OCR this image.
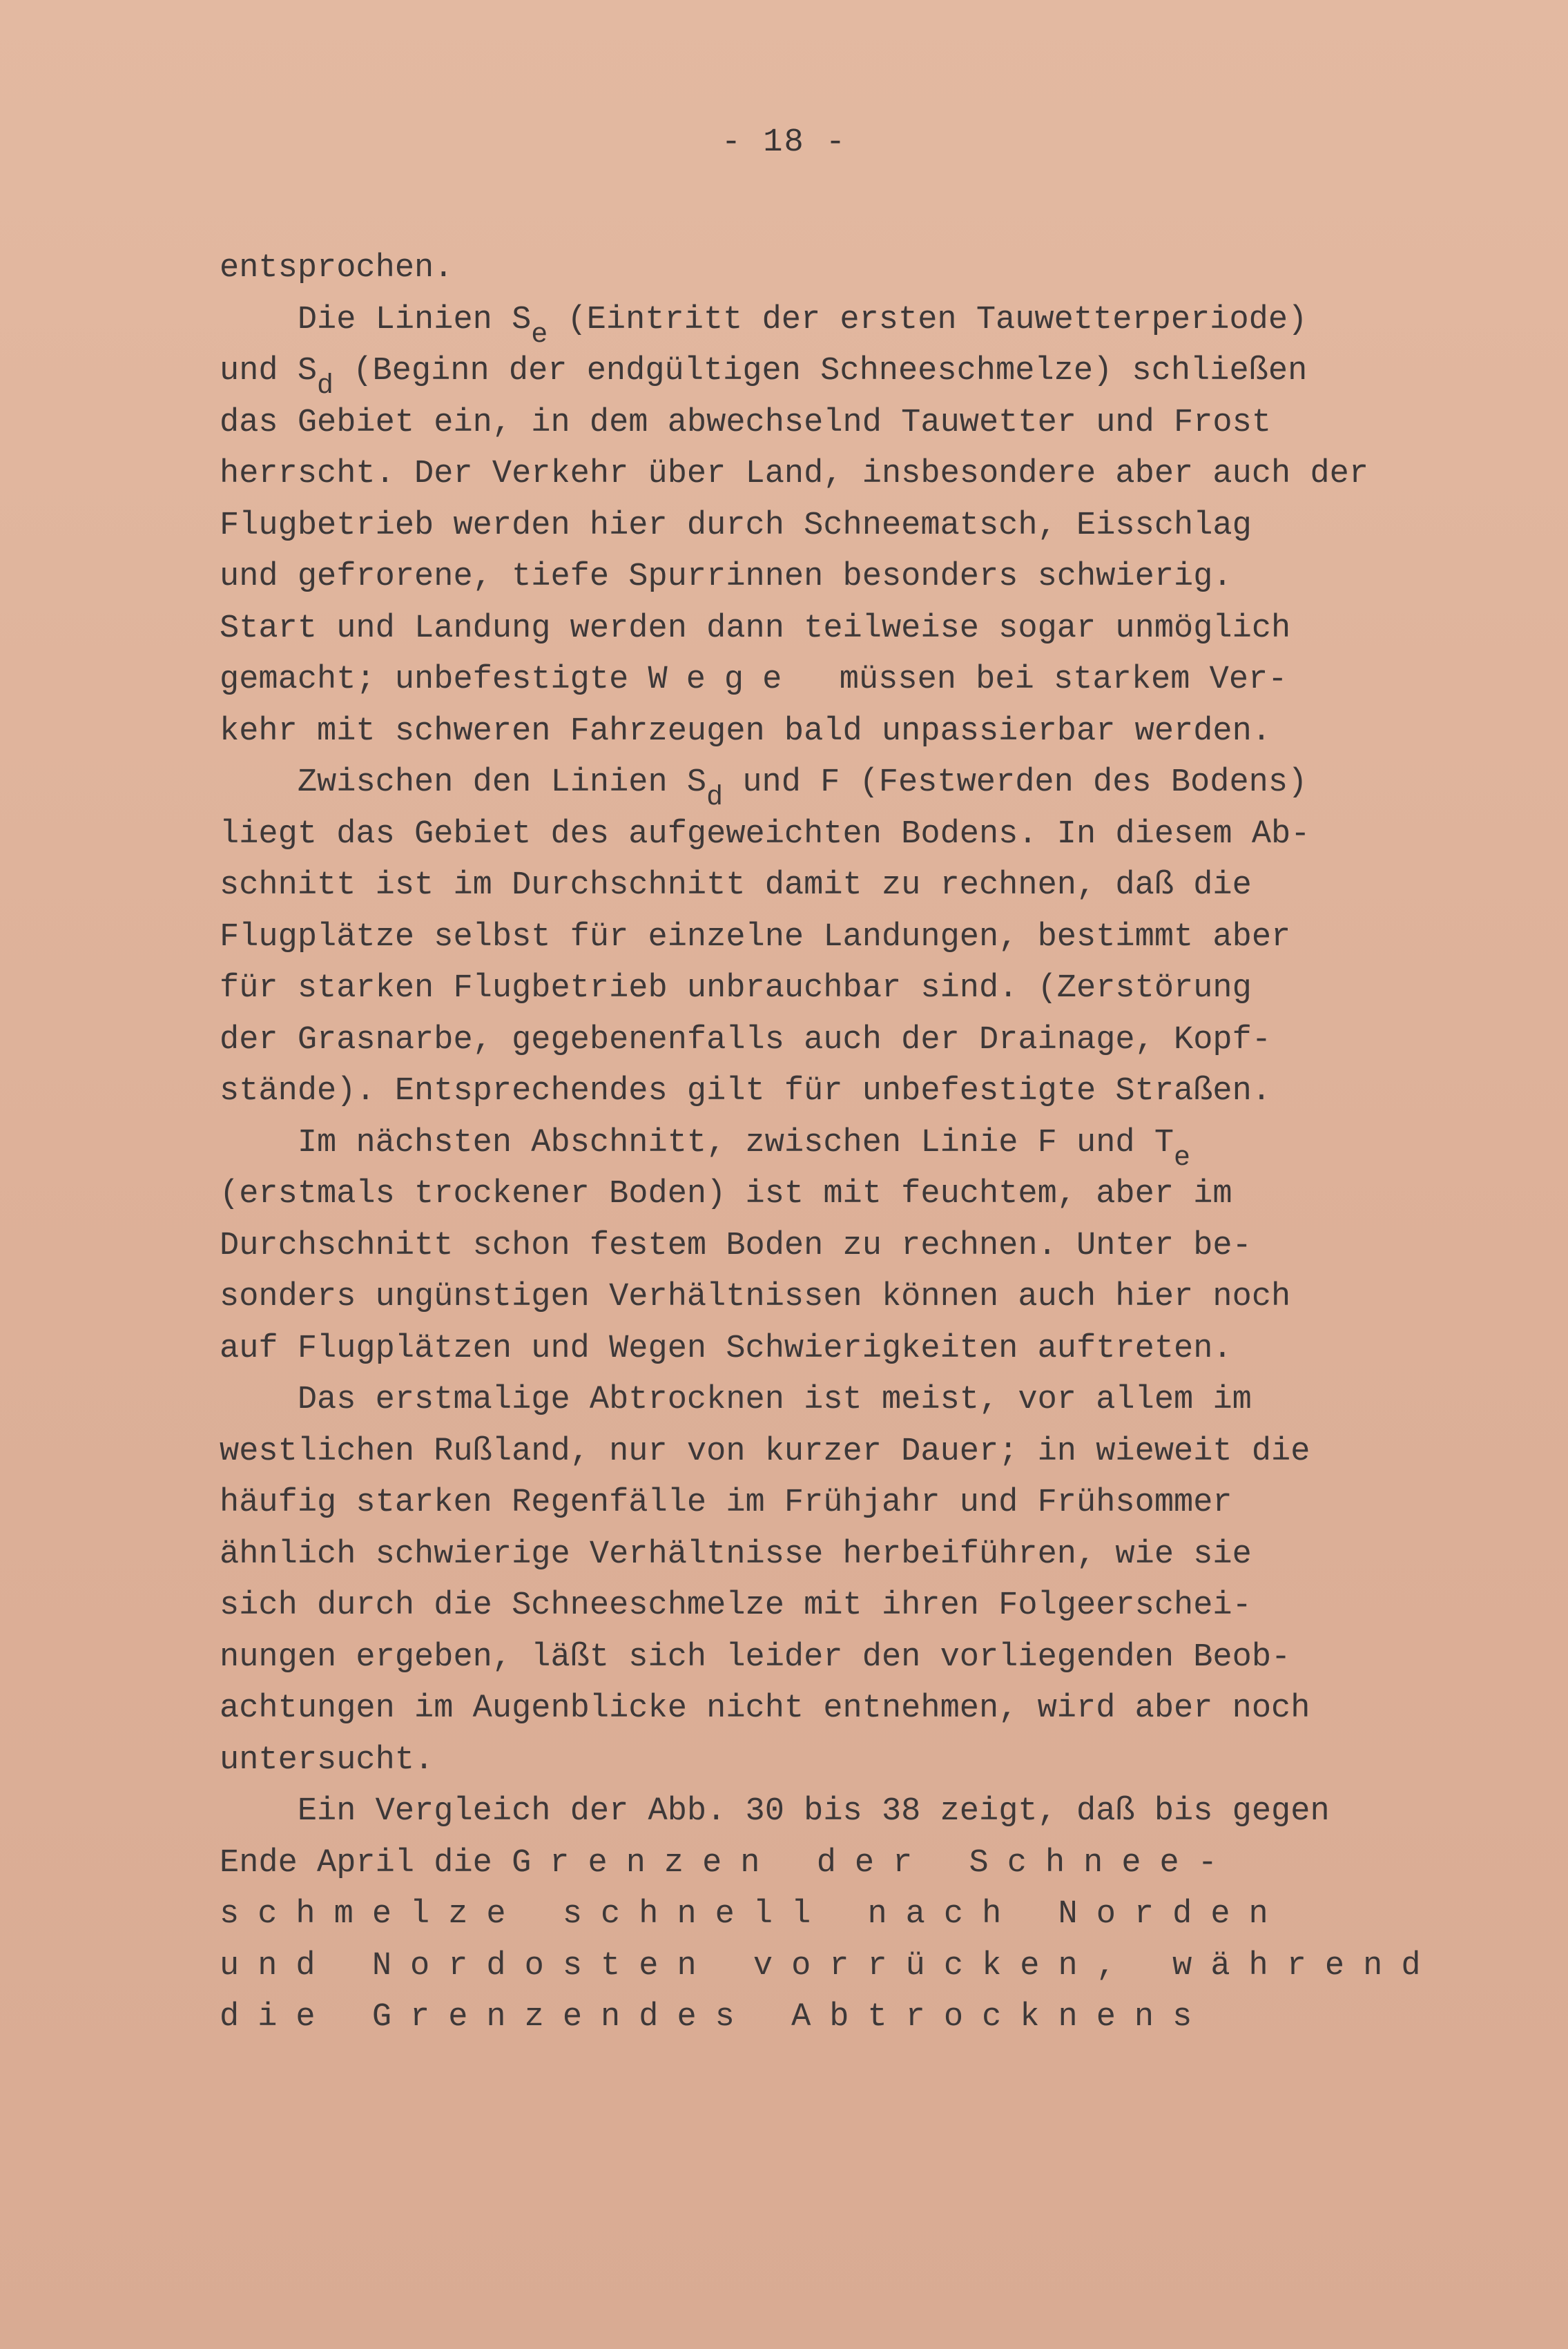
- 18 -
entsprochen.
Die Linien Se (Eintritt der ersten Tauwetterperiode)
und Sd (Beginn der endgültigen Schneeschmelze) schließen
das Gebiet ein, in dem abwechselnd Tauwetter und Frost
herrscht. Der Verkehr über Land, insbesondere aber auch der
Flugbetrieb werden hier durch Schneematsch, Eisschlag
und gefrorene, tiefe Spurrinnen besonders schwierig.
Start und Landung werden dann teilweise sogar unmöglich
gemacht; unbefestigte Wege  müssen bei starkem Ver-
kehr mit schweren Fahrzeugen bald unpassierbar werden.
Zwischen den Linien Sd und F (Festwerden des Bodens)
liegt das Gebiet des aufgeweichten Bodens. In diesem Ab-
schnitt ist im Durchschnitt damit zu rechnen, daß die
Flugplätze selbst für einzelne Landungen, bestimmt aber
für starken Flugbetrieb unbrauchbar sind. (Zerstörung
der Grasnarbe, gegebenenfalls auch der Drainage, Kopf-
stände). Entsprechendes gilt für unbefestigte Straßen.
Im nächsten Abschnitt, zwischen Linie F und Te
(erstmals trockener Boden) ist mit feuchtem, aber im
Durchschnitt schon festem Boden zu rechnen. Unter be-
sonders ungünstigen Verhältnissen können auch hier noch
auf Flugplätzen und Wegen Schwierigkeiten auftreten.
Das erstmalige Abtrocknen ist meist, vor allem im
westlichen Rußland, nur von kurzer Dauer; in wieweit die
häufig starken Regenfälle im Frühjahr und Frühsommer
ähnlich schwierige Verhältnisse herbeiführen, wie sie
sich durch die Schneeschmelze mit ihren Folgeerschei-
nungen ergeben, läßt sich leider den vorliegenden Beob-
achtungen im Augenblicke nicht entnehmen, wird aber noch
untersucht.
Ein Vergleich der Abb. 30 bis 38 zeigt, daß bis gegen
Ende April die Grenzen der Schnee-
schmelze schnell nach Norden
und Nordosten vorrücken, während
die Grenzendes Abtrocknens
